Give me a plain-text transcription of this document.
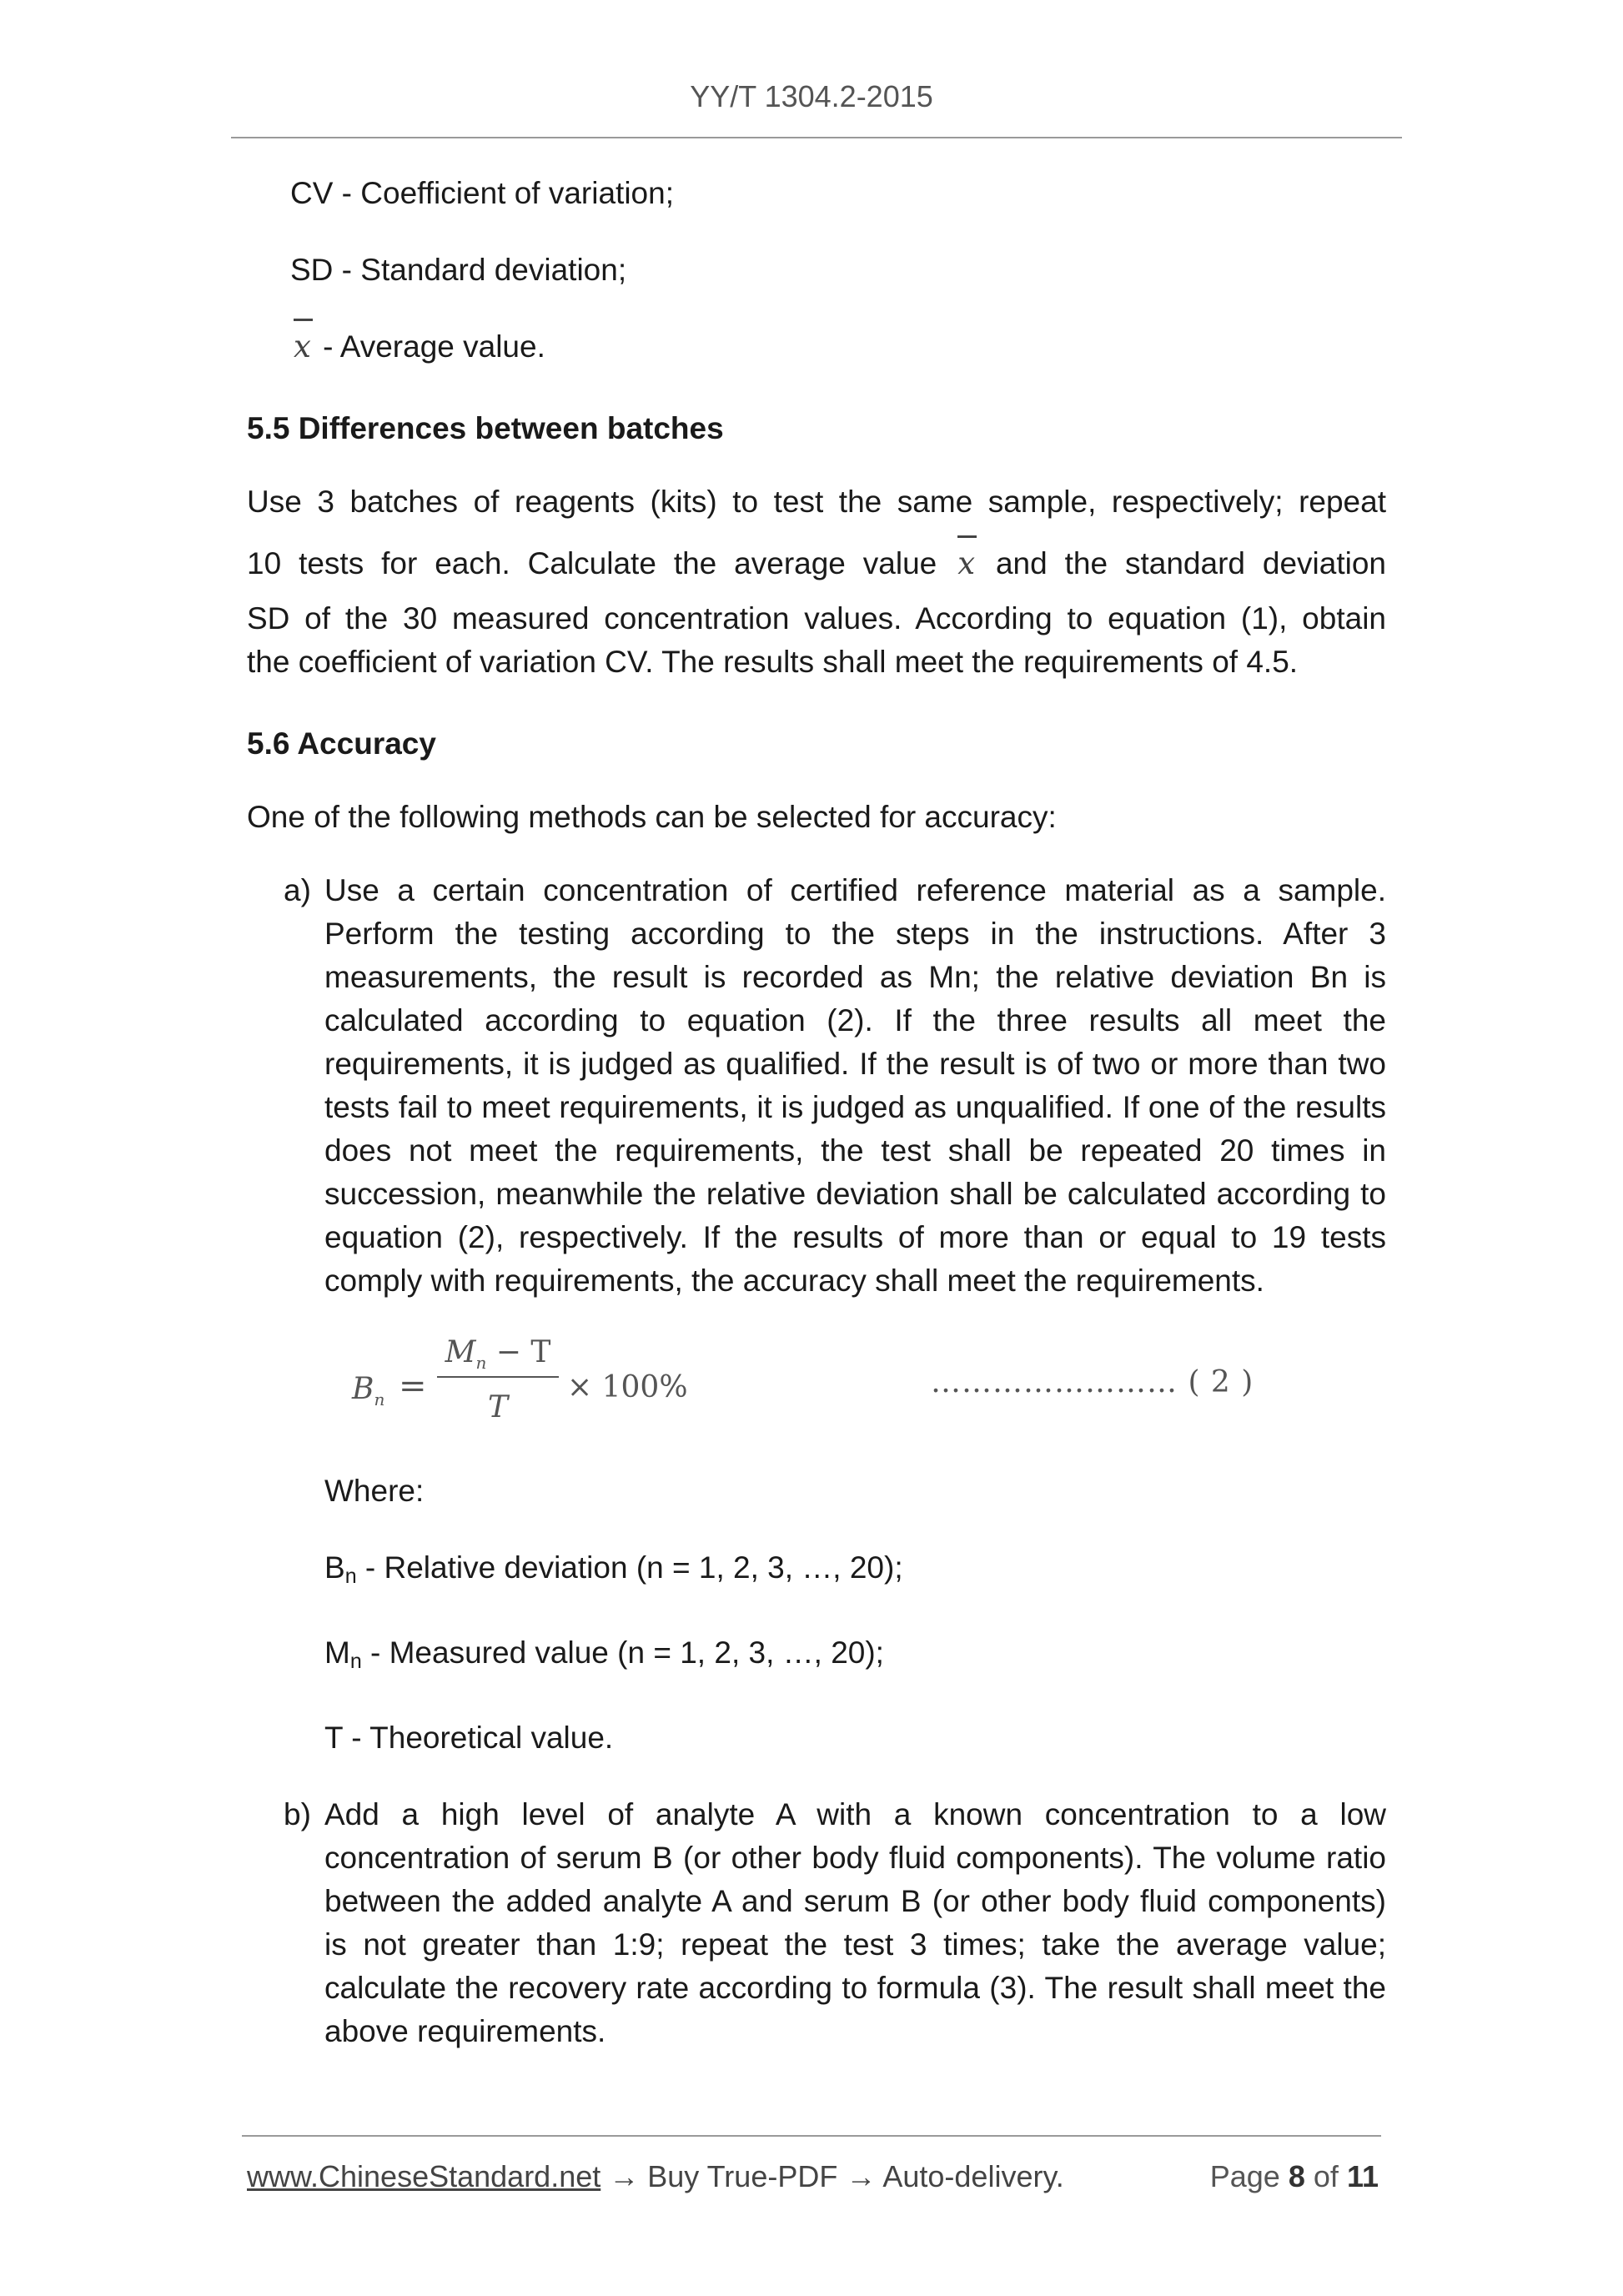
YY/T 1304.2-2015
CV - Coefficient of variation;
SD - Standard deviation;
x - Average value.
5.5 Differences between batches
Use 3 batches of reagents (kits) to test the same sample, respectively; repeat
10 tests for each. Calculate the average value x and the standard deviation
SD of the 30 measured concentration values. According to equation (1), obtain
the coefficient of variation CV. The results shall meet the requirements of 4.5.
5.6 Accuracy
One of the following methods can be selected for accuracy:
a) Use a certain concentration of certified reference material as a sample. Perform the testing according to the steps in the instructions. After 3 measurements, the result is recorded as Mn; the relative deviation Bn is calculated according to equation (2). If the three results all meet the requirements, it is judged as qualified. If the result is of two or more than two tests fail to meet requirements, it is judged as unqualified. If one of the results does not meet the requirements, the test shall be repeated 20 times in succession, meanwhile the relative deviation shall be calculated according to equation (2), respectively. If the results of more than or equal to 19 tests comply with requirements, the accuracy shall meet the requirements.
$B_n$ =
$M_n - T$
T
× 100%	…………………… ( 2 )
Where:
$B_n$ - Relative deviation (n = 1, 2, 3, …, 20);
$M_n$ - Measured value (n = 1, 2, 3, …, 20);
T - Theoretical value.
b) Add a high level of analyte A with a known concentration to a low concentration of serum B (or other body fluid components). The volume ratio between the added analyte A and serum B (or other body fluid components) is not greater than 1:9; repeat the test 3 times; take the average value; calculate the recovery rate according to formula (3). The result shall meet the above requirements.
www.ChineseStandard.net → Buy True-PDF → Auto-delivery.	Page 8 of 11
